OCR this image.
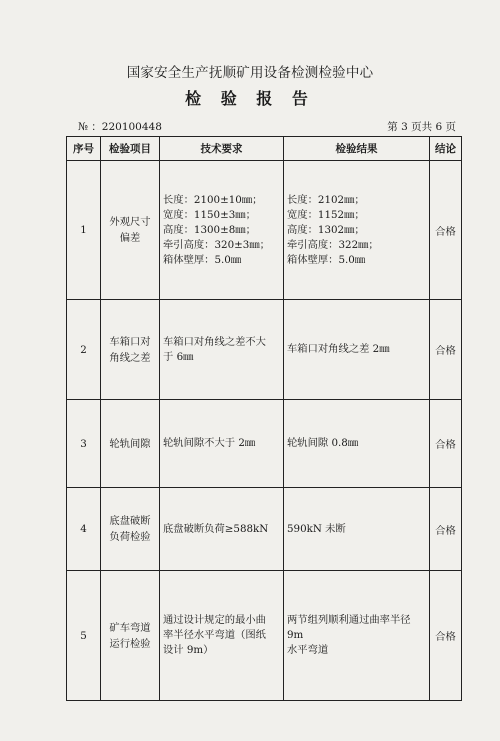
国家安全生产抚顺矿用设备检测检验中心
检 验 报 告
№ ：220100448	第 3 页共 6 页
序号	检验项目	技术要求	检验结果	结论
1	外观尺寸
偏差	长度：2100±10㎜；
宽度：1150±3㎜；
高度：1300±8㎜；
牵引高度：320±3㎜；
箱体壁厚：5.0㎜	长度：2102㎜；
宽度：1152㎜；
高度：1302㎜；
牵引高度：322㎜；
箱体壁厚：5.0㎜	合格
2	车箱口对
角线之差	车箱口对角线之差不大
于 6㎜	车箱口对角线之差 2㎜	合格
3	轮轨间隙	轮轨间隙不大于 2㎜	轮轨间隙 0.8㎜	合格
4	底盘破断
负荷检验	底盘破断负荷≥588kN	590kN 未断	合格
5	矿车弯道
运行检验	通过设计规定的最小曲
率半径水平弯道（图纸
设计 9m）	两节组列顺利通过曲率半径 9m
水平弯道	合格
